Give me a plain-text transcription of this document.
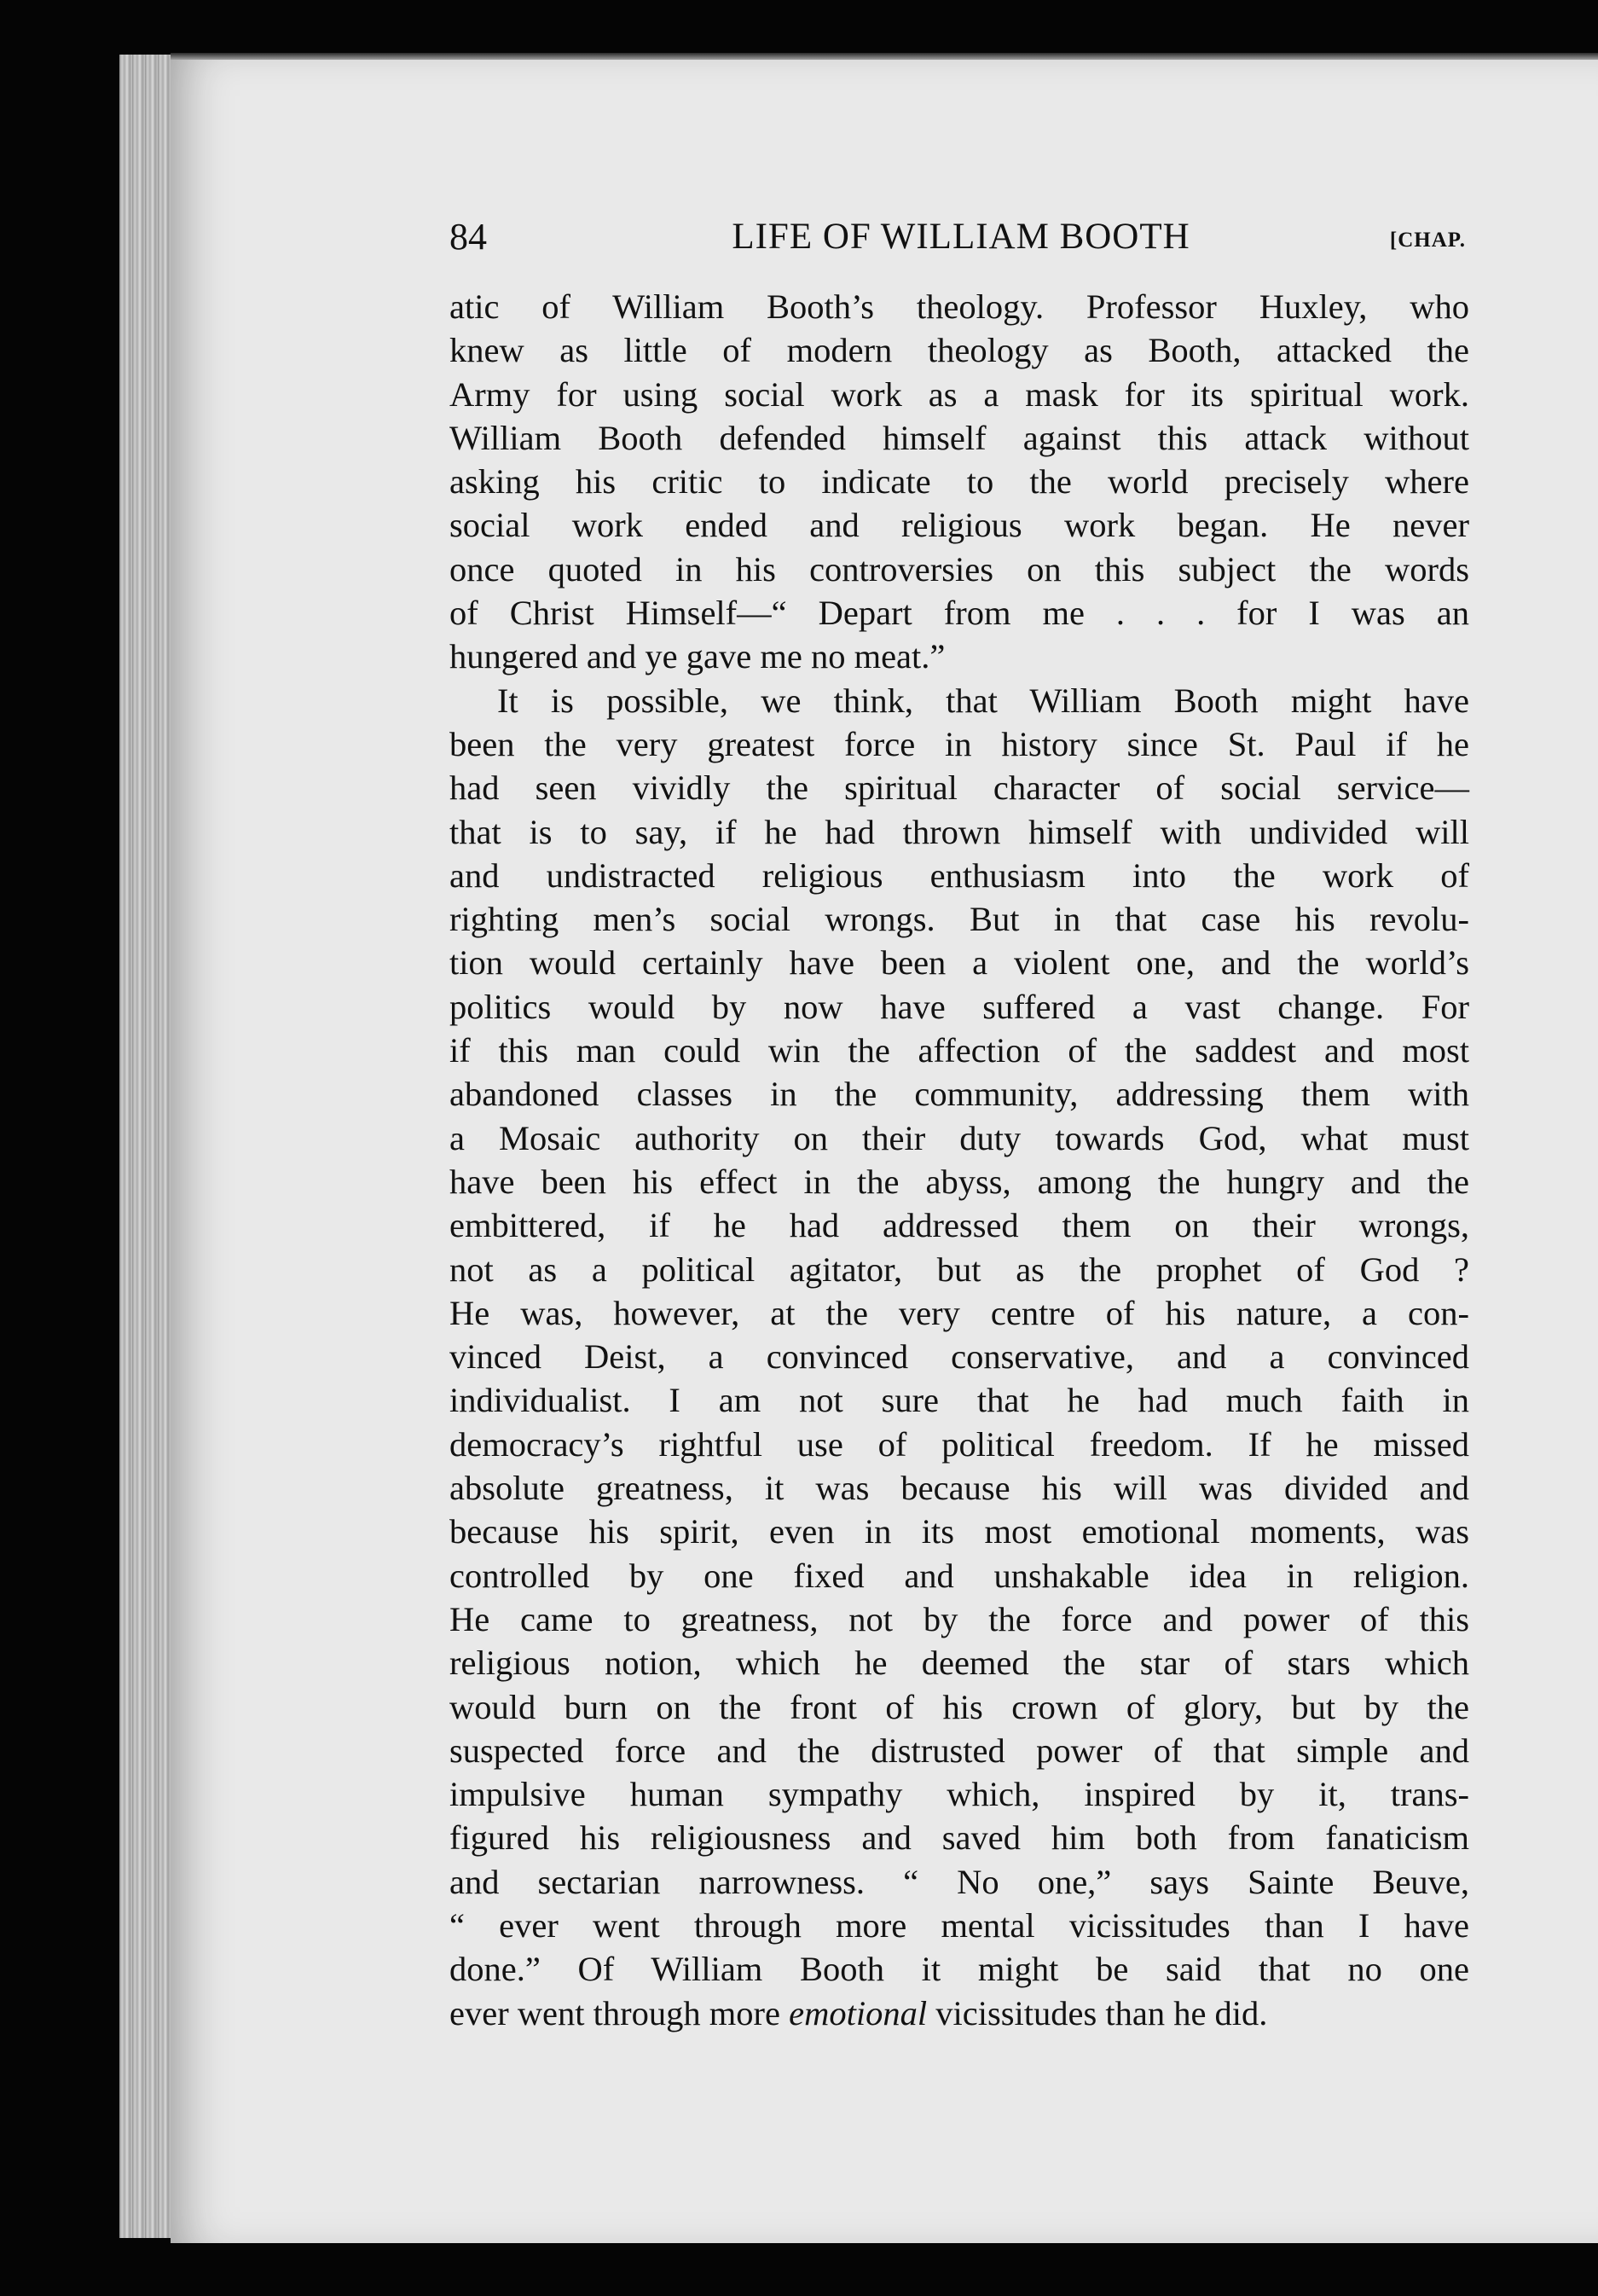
84	LIFE OF WILLIAM BOOTH	[CHAP.
atic of William Booth’s theology. Professor Huxley, who
knew as little of modern theology as Booth, attacked the
Army for using social work as a mask for its spiritual work.
William Booth defended himself against this attack without
asking his critic to indicate to the world precisely where
social work ended and religious work began. He never
once quoted in his controversies on this subject the words
of Christ Himself—“ Depart from me . . . for I was an
hungered and ye gave me no meat.”
It is possible, we think, that William Booth might have
been the very greatest force in history since St. Paul if he
had seen vividly the spiritual character of social service—
that is to say, if he had thrown himself with undivided will
and undistracted religious enthusiasm into the work of
righting men’s social wrongs. But in that case his revolu-
tion would certainly have been a violent one, and the world’s
politics would by now have suffered a vast change. For
if this man could win the affection of the saddest and most
abandoned classes in the community, addressing them with
a Mosaic authority on their duty towards God, what must
have been his effect in the abyss, among the hungry and the
embittered, if he had addressed them on their wrongs,
not as a political agitator, but as the prophet of God ?
He was, however, at the very centre of his nature, a con-
vinced Deist, a convinced conservative, and a convinced
individualist. I am not sure that he had much faith in
democracy’s rightful use of political freedom. If he missed
absolute greatness, it was because his will was divided and
because his spirit, even in its most emotional moments, was
controlled by one fixed and unshakable idea in religion.
He came to greatness, not by the force and power of this
religious notion, which he deemed the star of stars which
would burn on the front of his crown of glory, but by the
suspected force and the distrusted power of that simple and
impulsive human sympathy which, inspired by it, trans-
figured his religiousness and saved him both from fanaticism
and sectarian narrowness. “ No one,” says Sainte Beuve,
“ ever went through more mental vicissitudes than I have
done.” Of William Booth it might be said that no one
ever went through more emotional vicissitudes than he did.
